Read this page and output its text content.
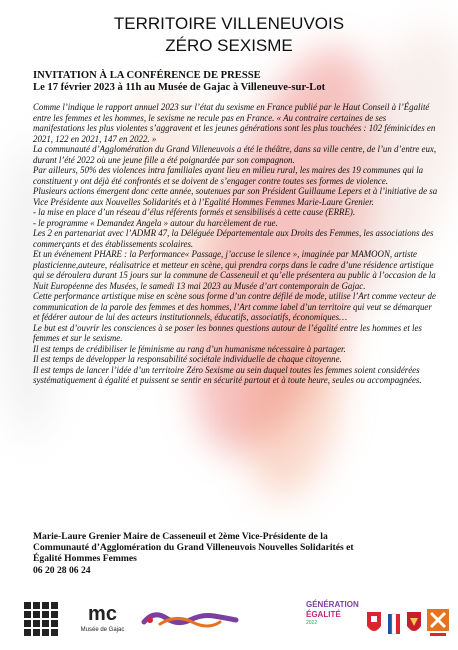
TERRITOIRE VILLENEUVOIS
ZÉRO SEXISME
INVITATION À LA CONFÉRENCE DE PRESSE
Le 17 février 2023 à 11h au Musée de Gajac à Villeneuve-sur-Lot

Comme l’indique le rapport annuel 2023 sur l’état du sexisme en France publié par le Haut Conseil à l’Égalité entre les femmes et les hommes, le sexisme ne recule pas en France. « Au contraire certaines de ses manifestations les plus violentes s’aggravent et les jeunes générations sont les plus touchées : 102 féminicides en 2021, 122 en 2021, 147 en 2022. »

La communauté d’Agglomération du Grand Villeneuvois a été le théâtre, dans sa ville centre, de l’un d’entre eux, durant l’été 2022 où une jeune fille a été poignardée par son compagnon.

Par ailleurs, 50% des violences intra familiales ayant lieu en milieu rural, les maires des 19 communes qui la constituent y ont déjà été confrontés et se doivent de s’engager contre toutes ses formes de violence.

Plusieurs actions émergent donc cette année, soutenues par son Président Guillaume Lepers et à l’initiative de sa Vice Présidente aux Nouvelles Solidarités et à l’Egalité Hommes Femmes Marie-Laure Grenier.

- la mise en place d’un réseau d’élus référents formés et sensibilisés à cette cause (ERRE).

- le programme « Demandez Angela » autour du harcèlement de rue.

Les 2 en partenariat avec l’ADMR 47, la Déléguée Départementale aux Droits des Femmes, les associations des commerçants et des établissements scolaires.

Et un événement PHARE : la Performance« Passage, j’accuse le silence », imaginée par MAMOON, artiste plasticienne,auteure, réalisatrice et metteur en scène, qui prendra corps dans le cadre d’une résidence artistique qui se déroulera durant 15 jours sur la commune de Casseneuil et qu’elle présentera au public à l’occasion de la Nuit Européenne des Musées, le samedi 13 mai 2023 au Musée d’art contemporain de Gajac.

Cette performance artistique mise en scène sous forme d’un contre défilé de mode, utilise l’Art comme vecteur de communication de la parole des femmes et des hommes, l’Art comme label d’un territoire qui veut se démarquer et fédérer autour de lui des acteurs institutionnels, éducatifs, associatifs, économiques…

Le but est d’ouvrir les consciences à se poser les bonnes questions autour de l’égalité entre les hommes et les femmes et sur le sexisme.

Il est temps de crédibiliser le féminisme au rang d’un humanisme nécessaire à partager.

Il est temps de développer la responsabilité sociétale individuelle de chaque citoyenne.

Il est temps de lancer l’idée d’un territoire Zéro Sexisme au sein duquel toutes les femmes soient considérées systématiquement à égalité et puissent se sentir en sécurité partout et à toute heure, seules ou accompagnées.

Marie-Laure Grenier Maire de Casseneuil et 2ème Vice-Présidente de la
Communauté d’Agglomération du Grand Villeneuvois Nouvelles Solidarités et
Égalité Hommes Femmes
06 20 28 06 24
mc
Musée de Gajac
GÉNÉRATION
ÉGALITÉ
2022
